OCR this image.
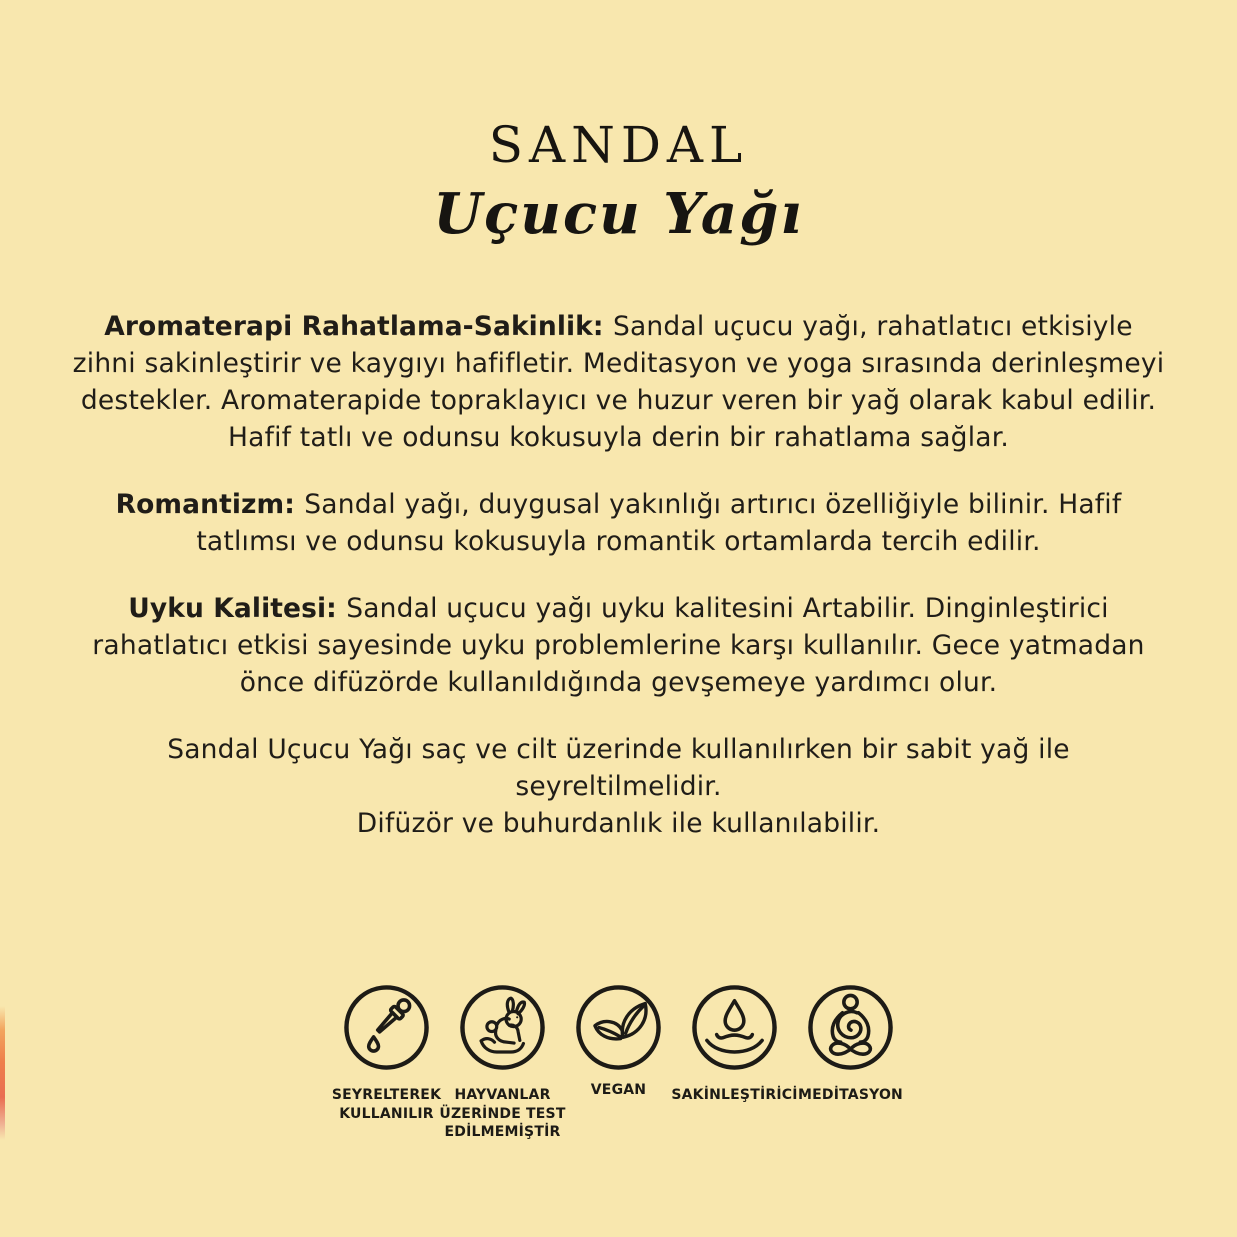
SANDAL
Uçucu Yağı

Aromaterapi Rahatlama-Sakinlik: Sandal uçucu yağı, rahatlatıcı etkisiyle zihni sakinleştirir ve kaygıyı hafifletir. Meditasyon ve yoga sırasında derinleşmeyi destekler. Aromaterapide topraklayıcı ve huzur veren bir yağ olarak kabul edilir. Hafif tatlı ve odunsu kokusuyla derin bir rahatlama sağlar.

Romantizm: Sandal yağı, duygusal yakınlığı artırıcı özelliğiyle bilinir. Hafif tatlımsı ve odunsu kokusuyla romantik ortamlarda tercih edilir.

Uyku Kalitesi: Sandal uçucu yağı uyku kalitesini Artabilir. Dinginleştirici rahatlatıcı etkisi sayesinde uyku problemlerine karşı kullanılır. Gece yatmadan önce difüzörde kullanıldığında gevşemeye yardımcı olur.

Sandal Uçucu Yağı saç ve cilt üzerinde kullanılırken bir sabit yağ ile seyreltilmelidir.
Difüzör ve buhurdanlık ile kullanılabilir.

SEYRELTEREK KULLANILIR
HAYVANLAR ÜZERİNDE TEST EDİLMEMİŞTİR
VEGAN	SAKİNLEŞTİRİCİ MEDİTASYON
